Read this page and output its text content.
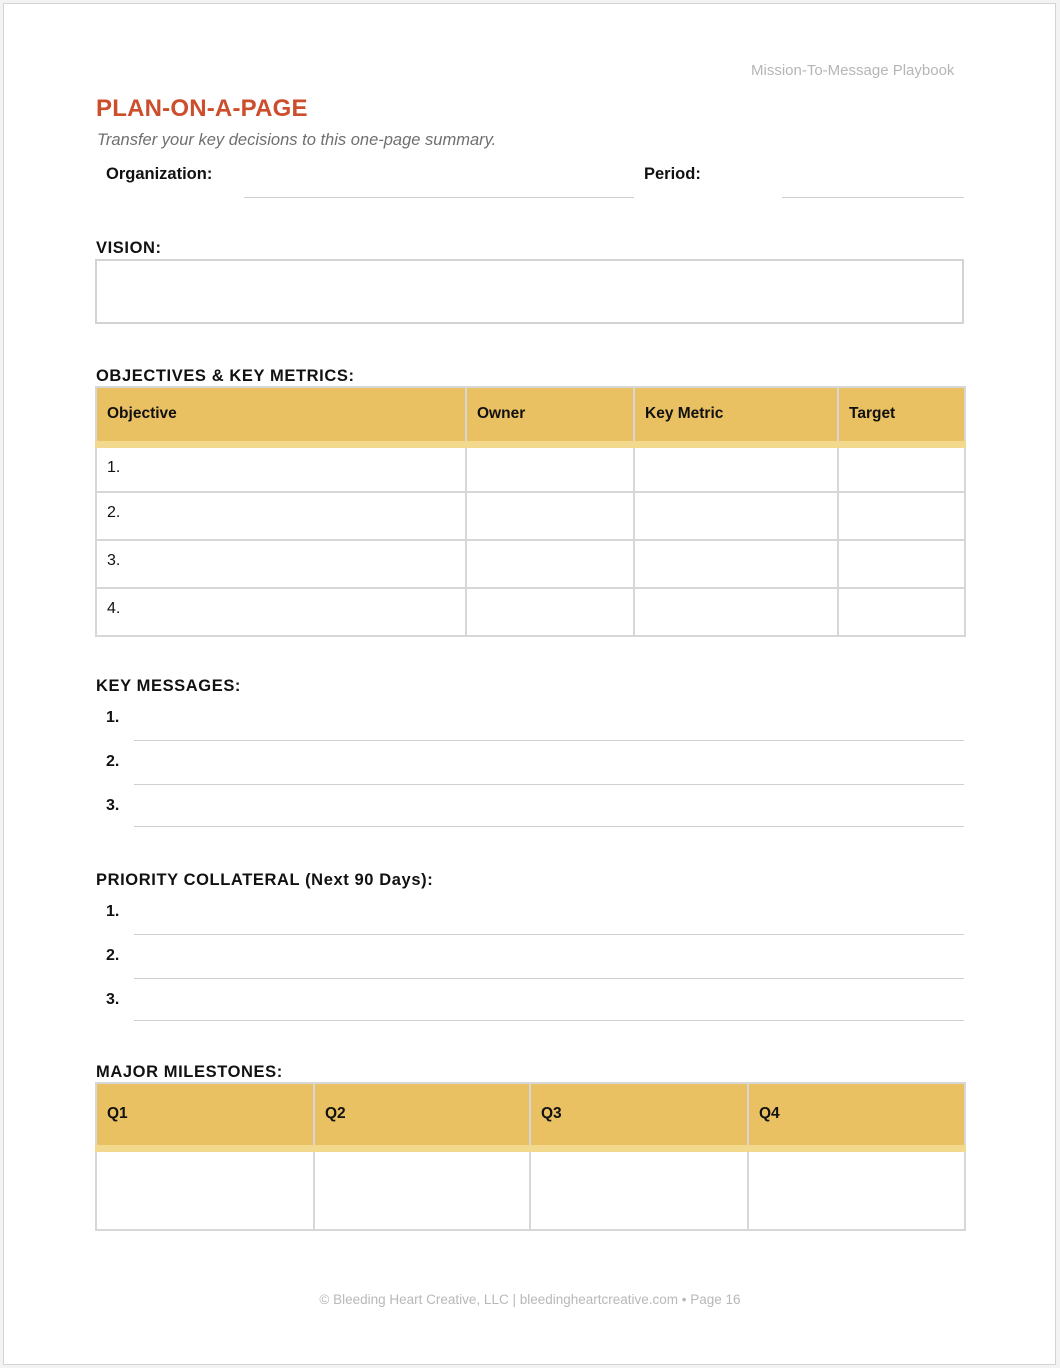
Mission-To-Message Playbook
PLAN-ON-A-PAGE
Transfer your key decisions to this one-page summary.
Organization:	Period:
VISION:
OBJECTIVES & KEY METRICS:
Objective	Owner	Key Metric	Target
1.			
2.			
3.			
4.			
KEY MESSAGES:
1.
2.
3.
PRIORITY COLLATERAL (Next 90 Days):
1.
2.
3.
MAJOR MILESTONES:
Q1	Q2	Q3	Q4

© Bleeding Heart Creative, LLC | bleedingheartcreative.com • Page 16
